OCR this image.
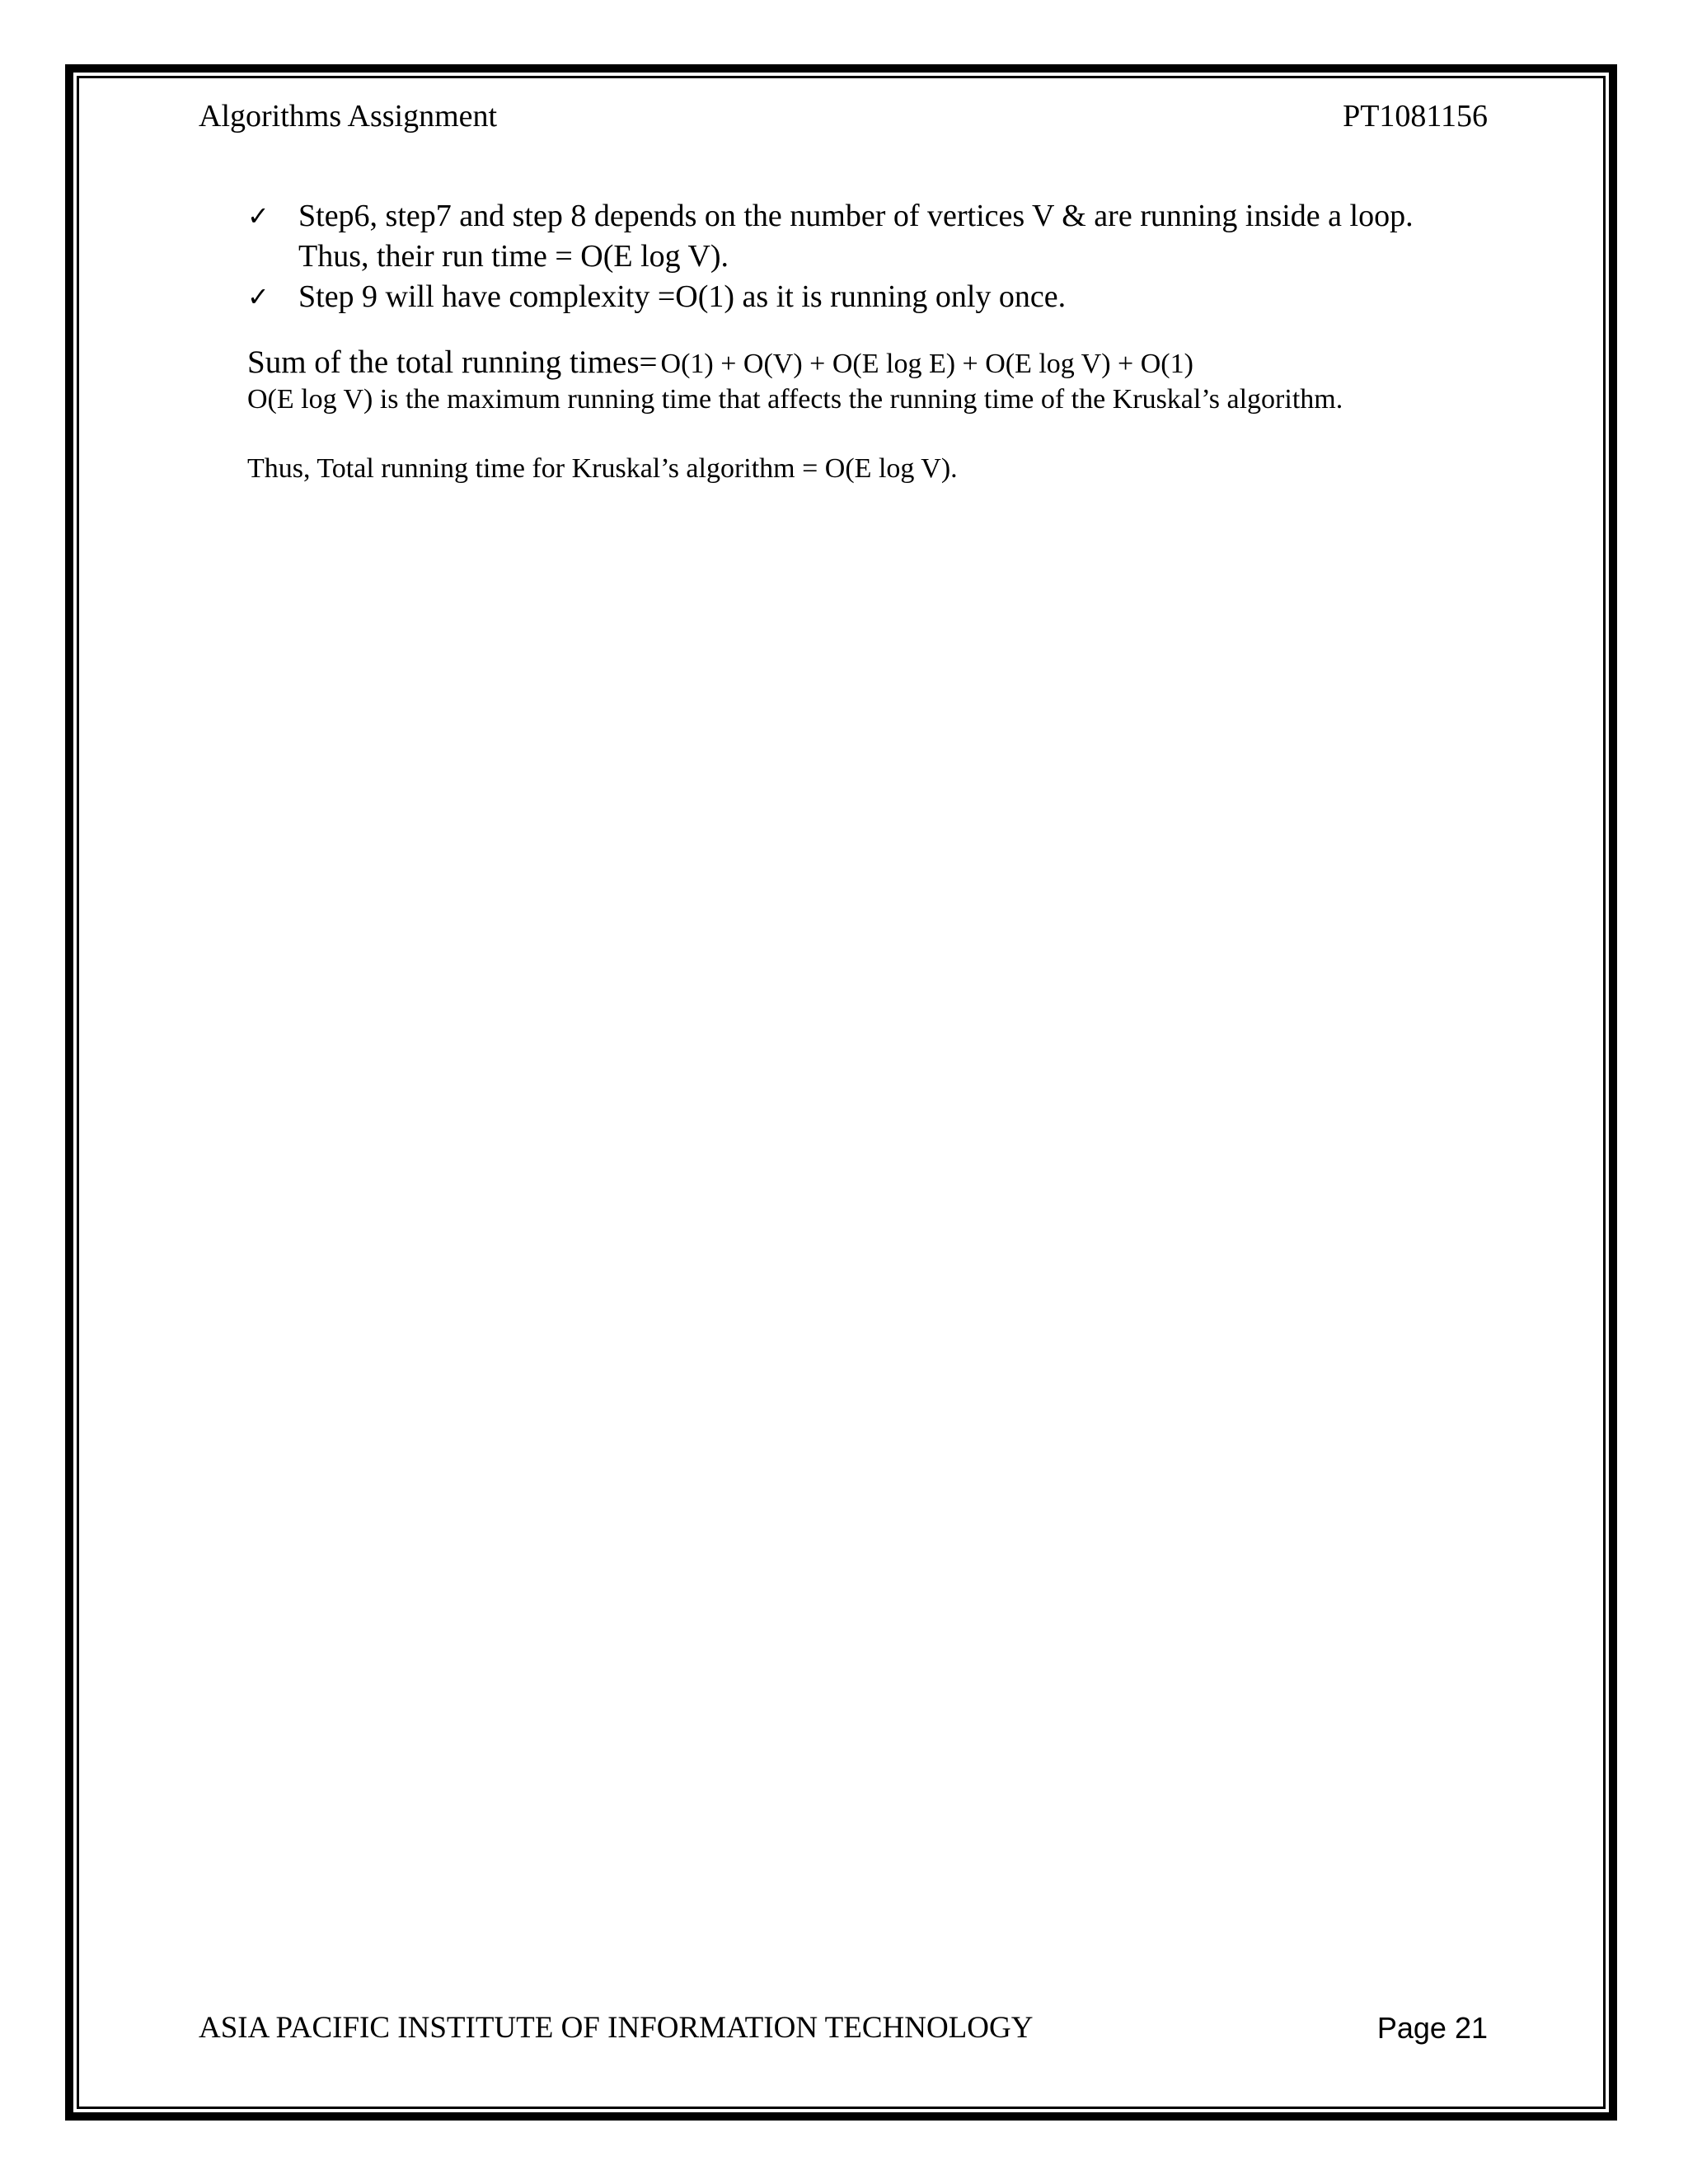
Algorithms Assignment	PT1081156
✓ Step6, step7 and step 8 depends on the number of vertices V & are running inside a loop.
Thus, their run time = O(E log V).
✓ Step 9 will have complexity =O(1) as it is running only once.
Sum of the total running times= O(1) + O(V) + O(E log E) + O(E log V) + O(1)
O(E log V) is the maximum running time that affects the running time of the Kruskal’s algorithm.
Thus, Total running time for Kruskal’s algorithm = O(E log V).
ASIA PACIFIC INSTITUTE OF INFORMATION TECHNOLOGY	Page 21
